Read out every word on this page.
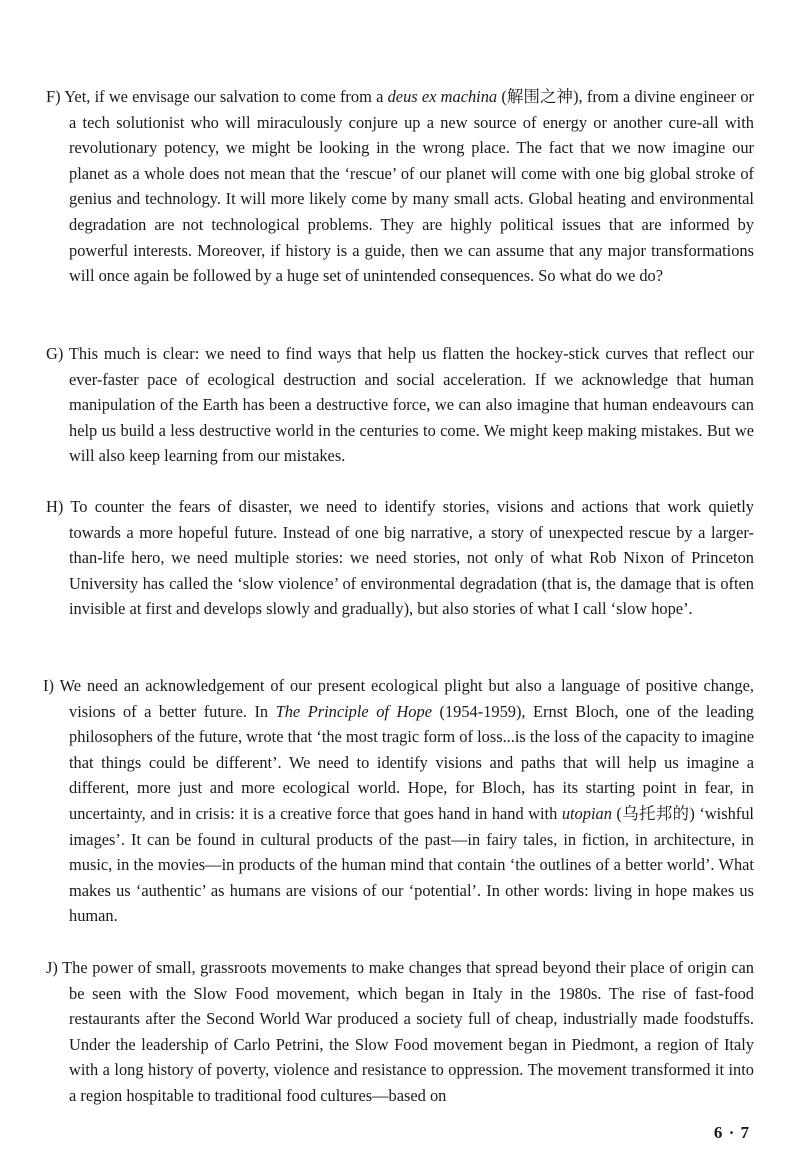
F) Yet, if we envisage our salvation to come from a deus ex machina (解围之神), from a divine engineer or a tech solutionist who will miraculously conjure up a new source of energy or another cure-all with revolutionary potency, we might be looking in the wrong place. The fact that we now imagine our planet as a whole does not mean that the ‘rescue’ of our planet will come with one big global stroke of genius and technology. It will more likely come by many small acts. Global heating and environmental degradation are not technological problems. They are highly political issues that are informed by powerful interests. Moreover, if history is a guide, then we can assume that any major transformations will once again be followed by a huge set of unintended consequences. So what do we do?

G) This much is clear: we need to find ways that help us flatten the hockey-stick curves that reflect our ever-faster pace of ecological destruction and social acceleration. If we acknowledge that human manipulation of the Earth has been a destructive force, we can also imagine that human endeavours can help us build a less destructive world in the centuries to come. We might keep making mistakes. But we will also keep learning from our mistakes.

H) To counter the fears of disaster, we need to identify stories, visions and actions that work quietly towards a more hopeful future. Instead of one big narrative, a story of unexpected rescue by a larger-than-life hero, we need multiple stories: we need stories, not only of what Rob Nixon of Princeton University has called the ‘slow violence’ of environmental degradation (that is, the damage that is often invisible at first and develops slowly and gradually), but also stories of what I call ‘slow hope’.

I) We need an acknowledgement of our present ecological plight but also a language of positive change, visions of a better future. In The Principle of Hope (1954-1959), Ernst Bloch, one of the leading philosophers of the future, wrote that ‘the most tragic form of loss...is the loss of the capacity to imagine that things could be different’. We need to identify visions and paths that will help us imagine a different, more just and more ecological world. Hope, for Bloch, has its starting point in fear, in uncertainty, and in crisis: it is a creative force that goes hand in hand with utopian (乌托邦的) ‘wishful images’. It can be found in cultural products of the past—in fairy tales, in fiction, in architecture, in music, in the movies—in products of the human mind that contain ‘the outlines of a better world’. What makes us ‘authentic’ as humans are visions of our ‘potential’. In other words: living in hope makes us human.

J) The power of small, grassroots movements to make changes that spread beyond their place of origin can be seen with the Slow Food movement, which began in Italy in the 1980s. The rise of fast-food restaurants after the Second World War produced a society full of cheap, industrially made foodstuffs. Under the leadership of Carlo Petrini, the Slow Food movement began in Piedmont, a region of Italy with a long history of poverty, violence and resistance to oppression. The movement transformed it into a region hospitable to traditional food cultures—based on

6 · 7
